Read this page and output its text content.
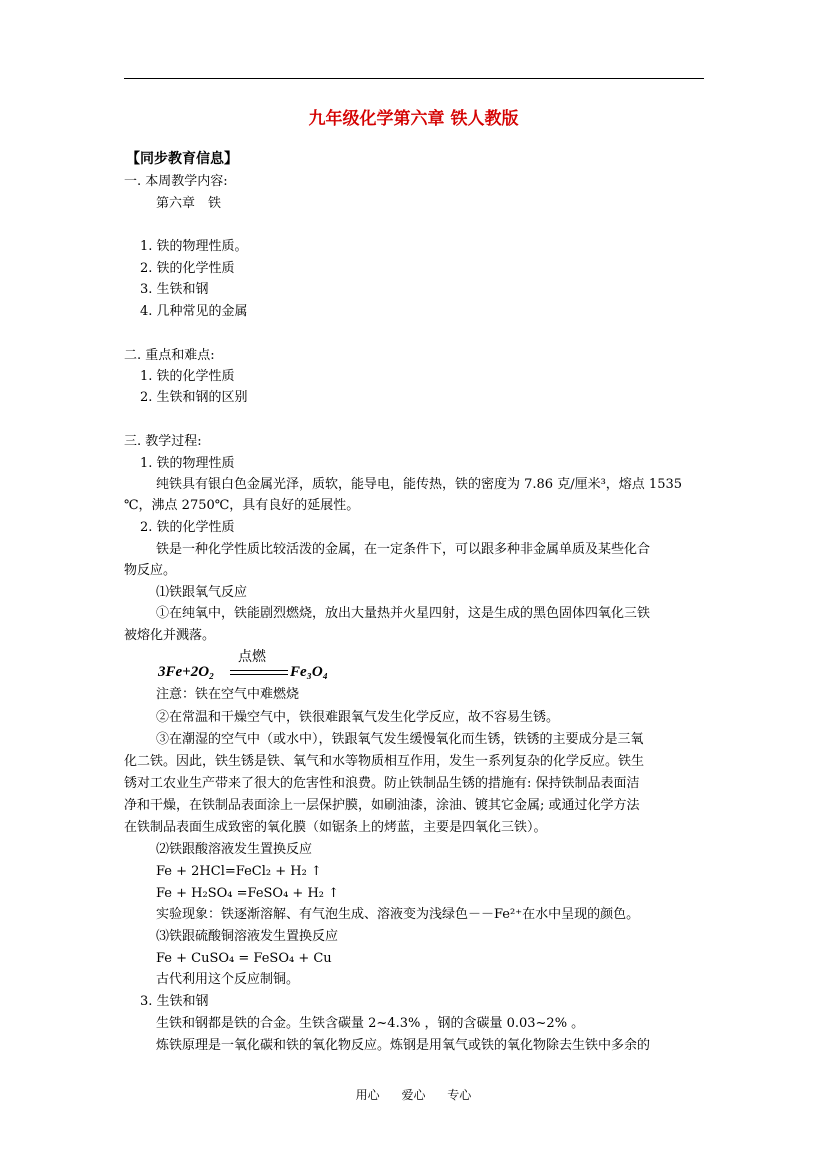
九年级化学第六章 铁人教版
【同步教育信息】
一. 本周教学内容:
第六章　铁
1. 铁的物理性质。
2. 铁的化学性质
3. 生铁和钢
4. 几种常见的金属
二. 重点和难点:
1. 铁的化学性质
2. 生铁和钢的区别
三. 教学过程:
1. 铁的物理性质
纯铁具有银白色金属光泽，质软，能导电，能传热，铁的密度为 7.86 克/厘米³，熔点 1535
℃，沸点 2750℃，具有良好的延展性。
2. 铁的化学性质
铁是一种化学性质比较活泼的金属，在一定条件下，可以跟多种非金属单质及某些化合
物反应。
⑴铁跟氧气反应
①在纯氧中，铁能剧烈燃烧，放出大量热并火星四射，这是生成的黑色固体四氧化三铁
被熔化并溅落。
点燃
3Fe+2O₂	Fe₃O₄
注意：铁在空气中难燃烧
②在常温和干燥空气中，铁很难跟氧气发生化学反应，故不容易生锈。
③在潮湿的空气中（或水中），铁跟氧气发生缓慢氧化而生锈，铁锈的主要成分是三氧
化二铁。因此，铁生锈是铁、氧气和水等物质相互作用，发生一系列复杂的化学反应。铁生
锈对工农业生产带来了很大的危害性和浪费。防止铁制品生锈的措施有: 保持铁制品表面洁
净和干燥，在铁制品表面涂上一层保护膜，如刷油漆，涂油、镀其它金属; 或通过化学方法
在铁制品表面生成致密的氧化膜（如锯条上的烤蓝，主要是四氧化三铁）。
⑵铁跟酸溶液发生置换反应
Fe + 2HCl=FeCl₂ + H₂ ↑
Fe + H₂SO₄ =FeSO₄ + H₂ ↑
实验现象：铁逐渐溶解、有气泡生成、溶液变为浅绿色－－Fe²⁺在水中呈现的颜色。
⑶铁跟硫酸铜溶液发生置换反应
Fe + CuSO₄ = FeSO₄ + Cu
古代利用这个反应制铜。
3. 生铁和钢
生铁和钢都是铁的合金。生铁含碳量 2~4.3% ，钢的含碳量 0.03~2% 。
炼铁原理是一氧化碳和铁的氧化物反应。炼钢是用氧气或铁的氧化物除去生铁中多余的
用心 爱心 专心
